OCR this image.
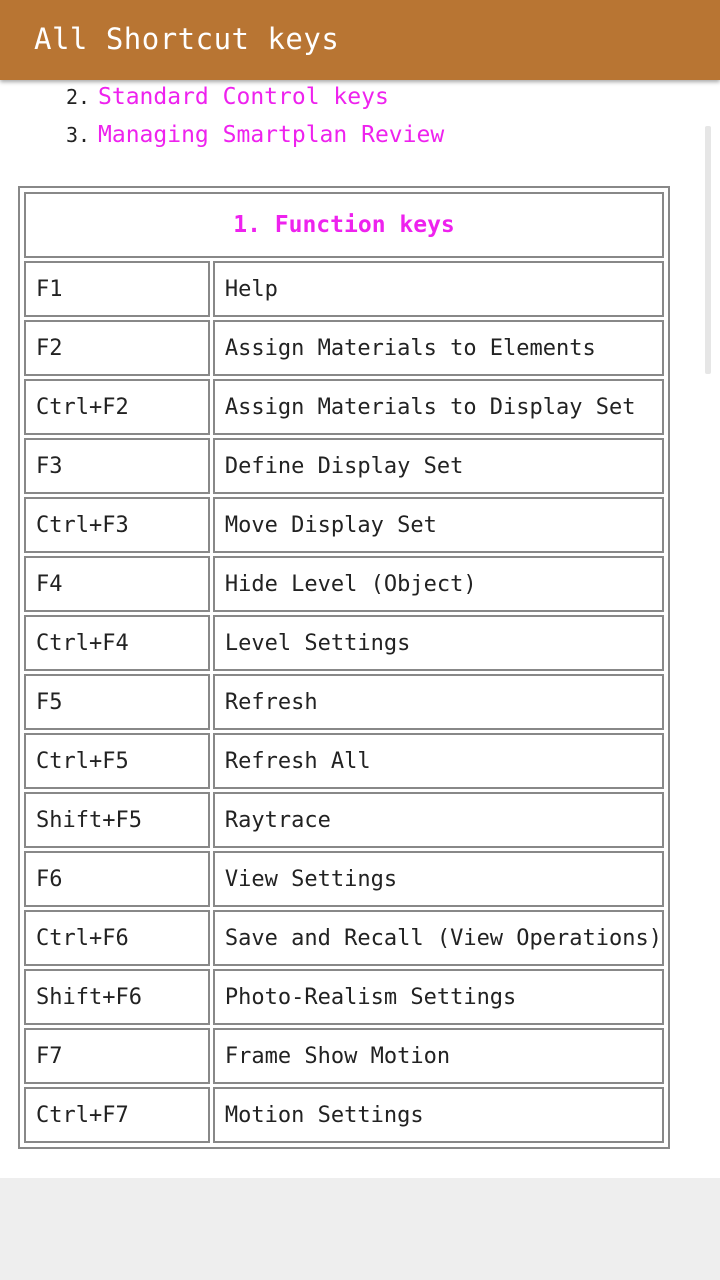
All Shortcut keys
2. Standard Control keys
3. Managing Smartplan Review
1. Function keys	
F1	Help
F2	Assign Materials to Elements
Ctrl+F2	Assign Materials to Display Set
F3	Define Display Set
Ctrl+F3	Move Display Set
F4	Hide Level (Object)
Ctrl+F4	Level Settings
F5	Refresh
Ctrl+F5	Refresh All
Shift+F5	Raytrace
F6	View Settings
Ctrl+F6	Save and Recall (View Operations)
Shift+F6	Photo-Realism Settings
F7	Frame Show Motion
Ctrl+F7	Motion Settings
